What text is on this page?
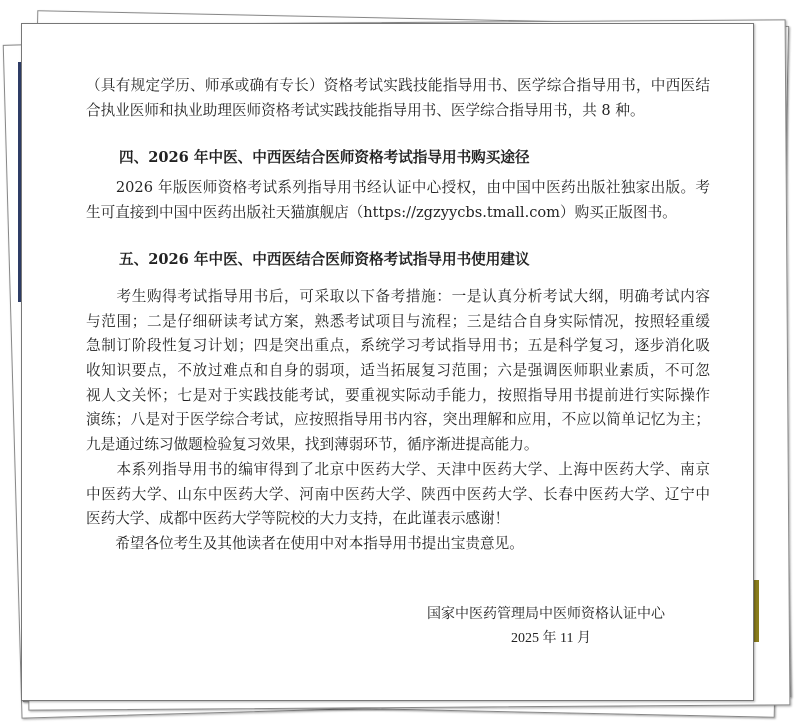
（具有规定学历、师承或确有专长）资格考试实践技能指导用书、医学综合指导用书，中西医结
合执业医师和执业助理医师资格考试实践技能指导用书、医学综合指导用书，共 8 种。
四、2026 年中医、中西医结合医师资格考试指导用书购买途径
　　2026 年版医师资格考试系列指导用书经认证中心授权，由中国中医药出版社独家出版。考
生可直接到中国中医药出版社天猫旗舰店（https://zgzyycbs.tmall.com）购买正版图书。
五、2026 年中医、中西医结合医师资格考试指导用书使用建议
　　考生购得考试指导用书后，可采取以下备考措施：一是认真分析考试大纲，明确考试内容
与范围；二是仔细研读考试方案，熟悉考试项目与流程；三是结合自身实际情况，按照轻重缓
急制订阶段性复习计划；四是突出重点，系统学习考试指导用书；五是科学复习，逐步消化吸
收知识要点，不放过难点和自身的弱项，适当拓展复习范围；六是强调医师职业素质，不可忽
视人文关怀；七是对于实践技能考试，要重视实际动手能力，按照指导用书提前进行实际操作
演练；八是对于医学综合考试，应按照指导用书内容，突出理解和应用，不应以简单记忆为主；
九是通过练习做题检验复习效果，找到薄弱环节，循序渐进提高能力。
　　本系列指导用书的编审得到了北京中医药大学、天津中医药大学、上海中医药大学、南京
中医药大学、山东中医药大学、河南中医药大学、陕西中医药大学、长春中医药大学、辽宁中
医药大学、成都中医药大学等院校的大力支持，在此谨表示感谢！
　　希望各位考生及其他读者在使用中对本指导用书提出宝贵意见。
国家中医药管理局中医师资格认证中心
2025 年 11 月
